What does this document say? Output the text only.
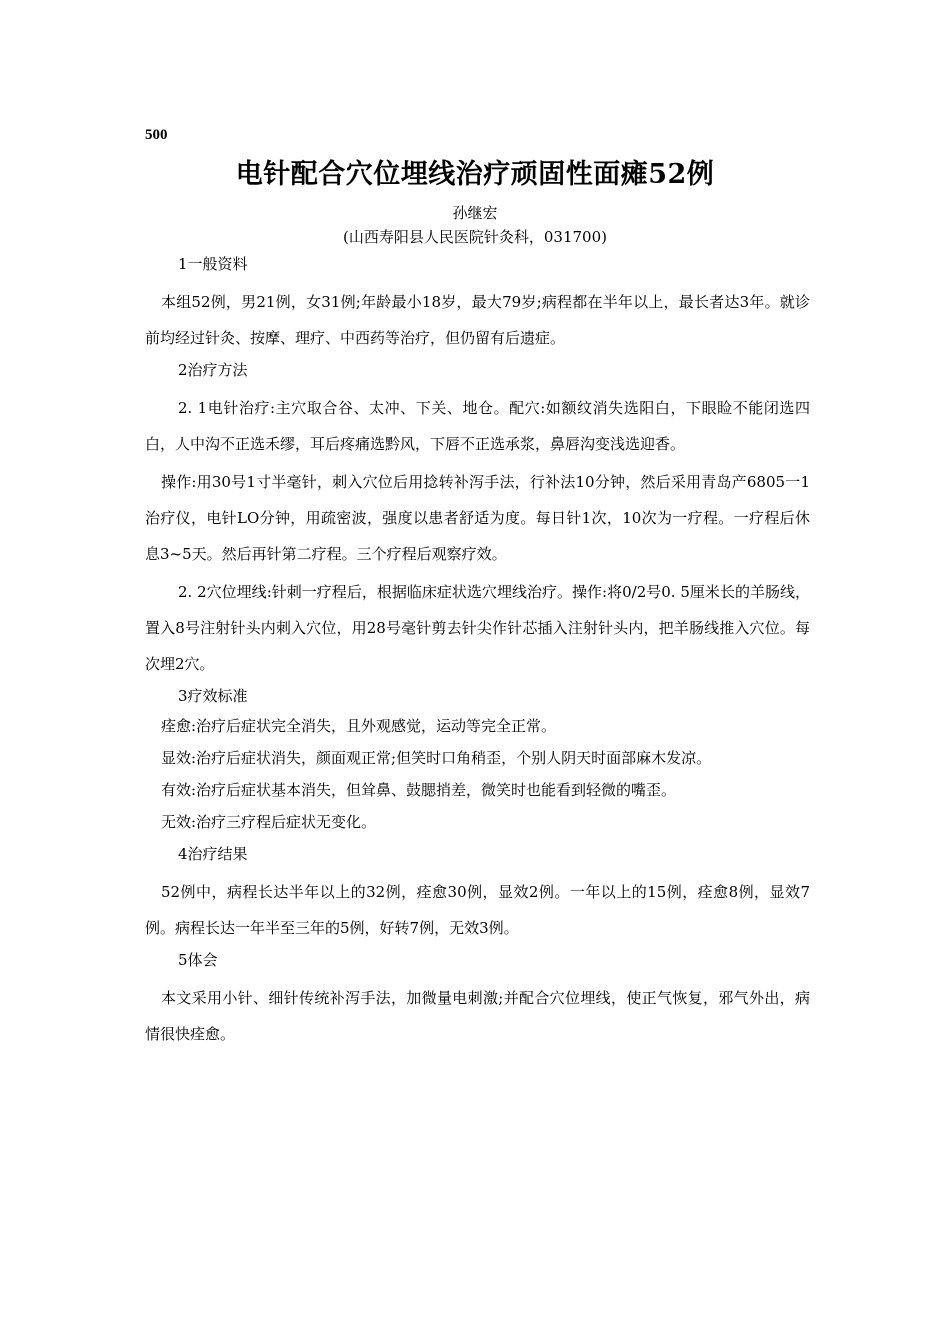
500
电针配合穴位埋线治疗顽固性面瘫52例
孙继宏
(山西寿阳县人民医院针灸科，031700)
1一般资料

本组52例，男21例，女31例;年龄最小18岁，最大79岁;病程都在半年以上，最长者达3年。就诊前均经过针灸、按摩、理疗、中西药等治疗，但仍留有后遗症。

2治疗方法

2. 1电针治疗:主穴取合谷、太冲、下关、地仓。配穴:如额纹消失选阳白，下眼睑不能闭选四白，人中沟不正选禾缪，耳后疼痛选黔风，下唇不正选承浆，鼻唇沟变浅选迎香。

操作:用30号1寸半毫针，刺入穴位后用捻转补泻手法，行补法10分钟，然后采用青岛产6805一1治疗仪，电针LO分钟，用疏密波，强度以患者舒适为度。每日针1次，10次为一疗程。一疗程后休息3~5天。然后再针第二疗程。三个疗程后观察疗效。

2. 2穴位埋线:针刺一疗程后，根据临床症状选穴埋线治疗。操作:将0/2号0. 5厘米长的羊肠线，置入8号注射针头内刺入穴位，用28号毫针剪去针尖作针芯插入注射针头内，把羊肠线推入穴位。每次埋2穴。

3疗效标准
痊愈:治疗后症状完全消失，且外观感觉，运动等完全正常。
显效:治疗后症状消失，颜面观正常;但笑时口角稍歪，个别人阴天时面部麻木发凉。
有效:治疗后症状基本消失，但耸鼻、鼓腮捎差，微笑时也能看到轻微的嘴歪。
无效:治疗三疗程后症状无变化。
4治疗结果

52例中，病程长达半年以上的32例，痊愈30例，显效2例。一年以上的15例，痊愈8例，显效7例。病程长达一年半至三年的5例，好转7例，无效3例。

5体会

本文采用小针、细针传统补泻手法，加微量电刺激;并配合穴位埋线，使正气恢复，邪气外出，病情很快痊愈。
